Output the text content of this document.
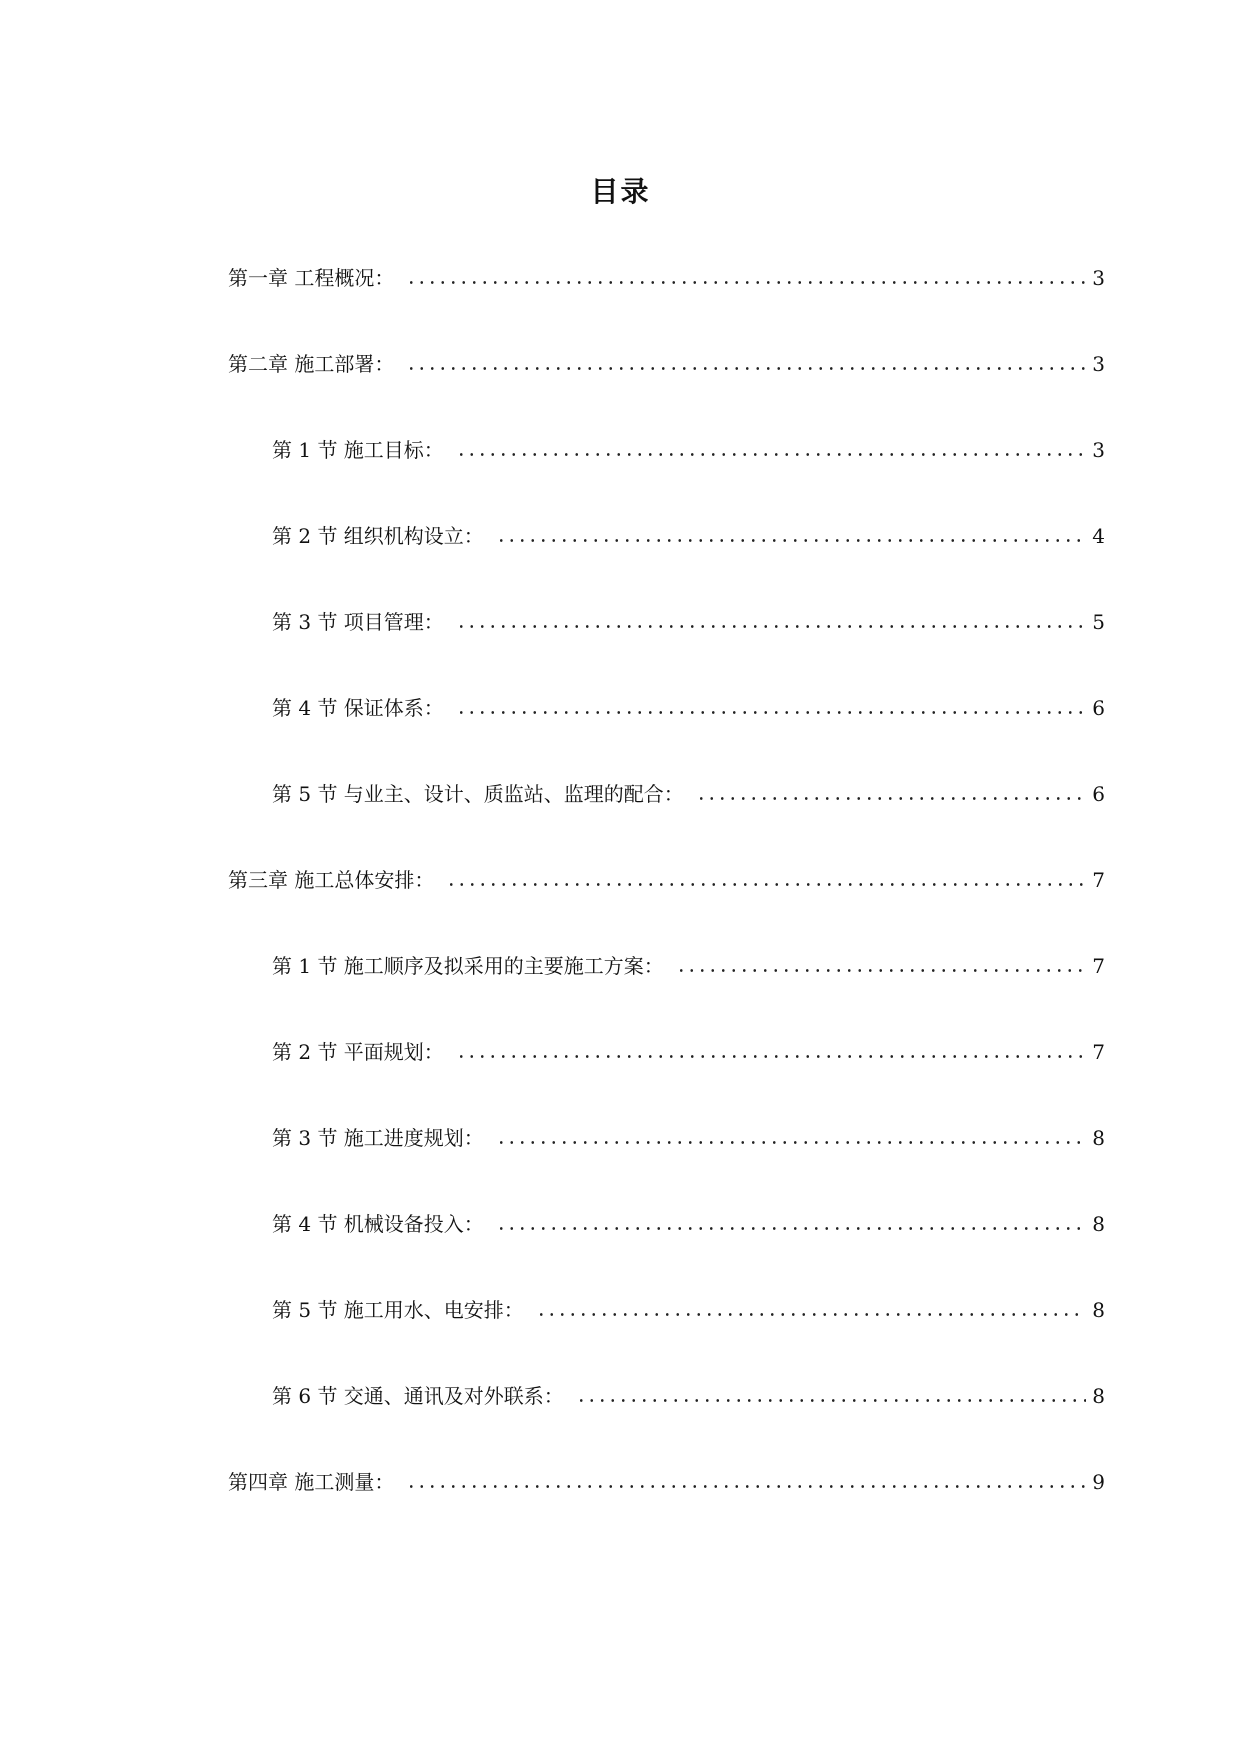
目录
第一章 工程概况：	3
第二章 施工部署：	3
第 1 节 施工目标：	3
第 2 节 组织机构设立：	4
第 3 节 项目管理：	5
第 4 节 保证体系：	6
第 5 节 与业主、设计、质监站、监理的配合：	6
第三章 施工总体安排：	7
第 1 节 施工顺序及拟采用的主要施工方案：	7
第 2 节 平面规划：	7
第 3 节 施工进度规划：	8
第 4 节 机械设备投入：	8
第 5 节 施工用水、电安排：	8
第 6 节 交通、通讯及对外联系：	8
第四章 施工测量：	9
